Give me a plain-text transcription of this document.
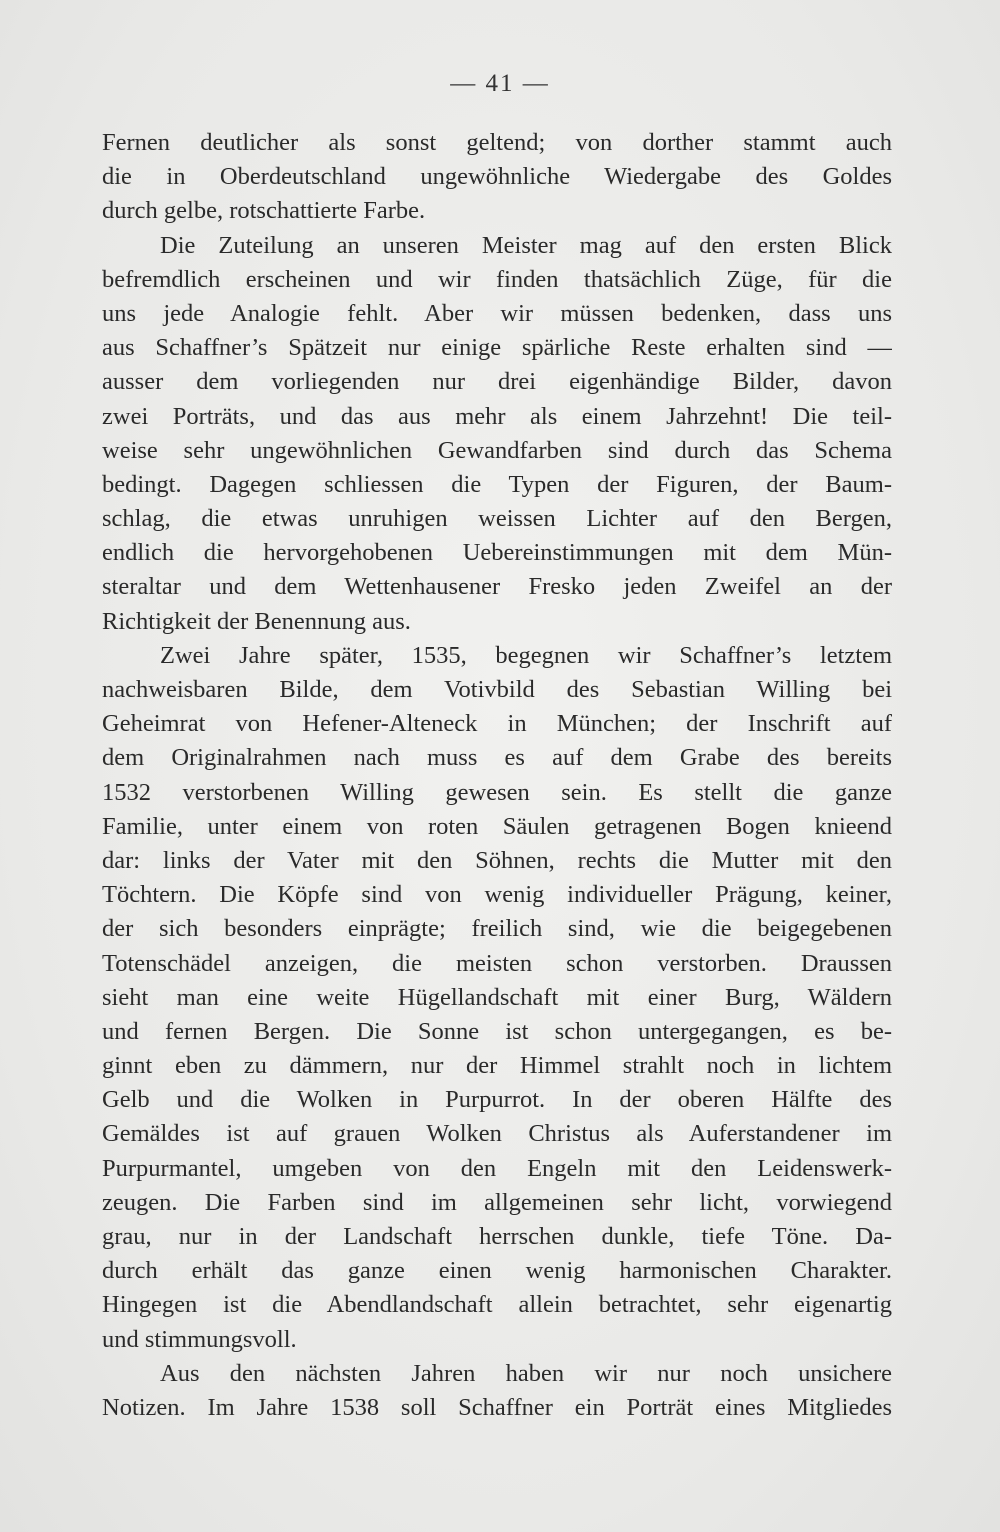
— 41 —
Fernen deutlicher als sonst geltend; von dorther stammt auch
die in Oberdeutschland ungewöhnliche Wiedergabe des Goldes
durch gelbe, rotschattierte Farbe.
Die Zuteilung an unseren Meister mag auf den ersten Blick
befremdlich erscheinen und wir finden thatsächlich Züge, für die
uns jede Analogie fehlt. Aber wir müssen bedenken, dass uns
aus Schaffner’s Spätzeit nur einige spärliche Reste erhalten sind —
ausser dem vorliegenden nur drei eigenhändige Bilder, davon
zwei Porträts, und das aus mehr als einem Jahrzehnt! Die teil-
weise sehr ungewöhnlichen Gewandfarben sind durch das Schema
bedingt. Dagegen schliessen die Typen der Figuren, der Baum-
schlag, die etwas unruhigen weissen Lichter auf den Bergen,
endlich die hervorgehobenen Uebereinstimmungen mit dem Mün-
steraltar und dem Wettenhausener Fresko jeden Zweifel an der
Richtigkeit der Benennung aus.
Zwei Jahre später, 1535, begegnen wir Schaffner’s letztem
nachweisbaren Bilde, dem Votivbild des Sebastian Willing bei
Geheimrat von Hefener-Alteneck in München; der Inschrift auf
dem Originalrahmen nach muss es auf dem Grabe des bereits
1532 verstorbenen Willing gewesen sein. Es stellt die ganze
Familie, unter einem von roten Säulen getragenen Bogen knieend
dar: links der Vater mit den Söhnen, rechts die Mutter mit den
Töchtern. Die Köpfe sind von wenig individueller Prägung, keiner,
der sich besonders einprägte; freilich sind, wie die beigegebenen
Totenschädel anzeigen, die meisten schon verstorben. Draussen
sieht man eine weite Hügellandschaft mit einer Burg, Wäldern
und fernen Bergen. Die Sonne ist schon untergegangen, es be-
ginnt eben zu dämmern, nur der Himmel strahlt noch in lichtem
Gelb und die Wolken in Purpurrot. In der oberen Hälfte des
Gemäldes ist auf grauen Wolken Christus als Auferstandener im
Purpurmantel, umgeben von den Engeln mit den Leidenswerk-
zeugen. Die Farben sind im allgemeinen sehr licht, vorwiegend
grau, nur in der Landschaft herrschen dunkle, tiefe Töne. Da-
durch erhält das ganze einen wenig harmonischen Charakter.
Hingegen ist die Abendlandschaft allein betrachtet, sehr eigenartig
und stimmungsvoll.
Aus den nächsten Jahren haben wir nur noch unsichere
Notizen. Im Jahre 1538 soll Schaffner ein Porträt eines Mitgliedes
